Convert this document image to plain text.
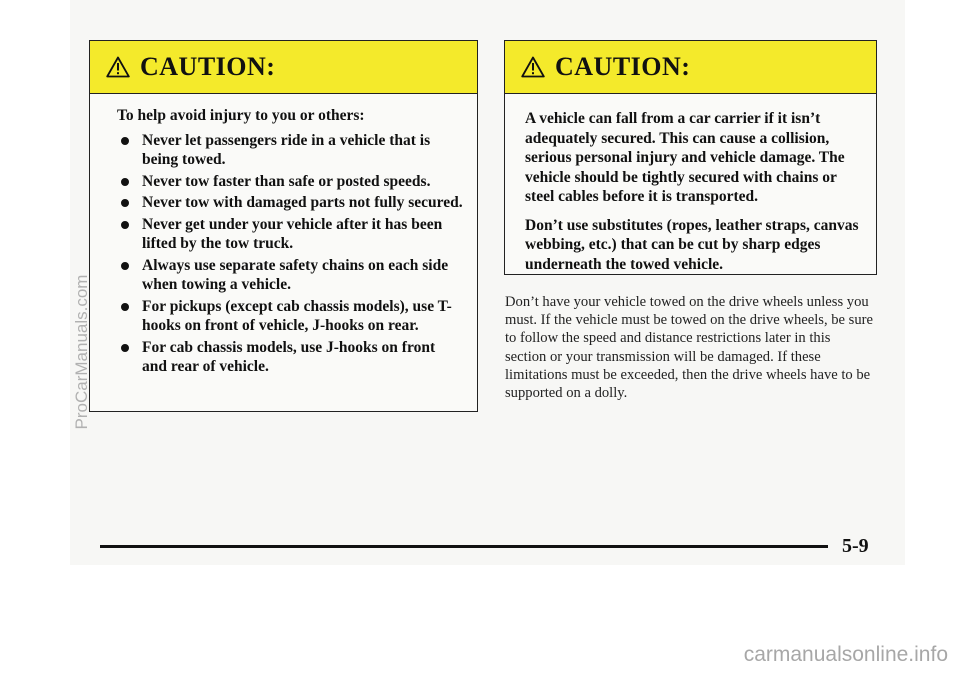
CAUTION:

To help avoid injury to you or others:

Never let passengers ride in a vehicle that is being towed.
Never tow faster than safe or posted speeds.
Never tow with damaged parts not fully secured.
Never get under your vehicle after it has been lifted by the tow truck.
Always use separate safety chains on each side when towing a vehicle.
For pickups (except cab chassis models), use T-hooks on front of vehicle, J-hooks on rear.
For cab chassis models, use J-hooks on front and rear of vehicle.
CAUTION:

A vehicle can fall from a car carrier if it isn’t adequately secured. This can cause a collision, serious personal injury and vehicle damage. The vehicle should be tightly secured with chains or steel cables before it is transported.

Don’t use substitutes (ropes, leather straps, canvas webbing, etc.) that can be cut by sharp edges underneath the towed vehicle.

Don’t have your vehicle towed on the drive wheels unless you must. If the vehicle must be towed on the drive wheels, be sure to follow the speed and distance restrictions later in this section or your transmission will be damaged. If these limitations must be exceeded, then the drive wheels have to be supported on a dolly.
5-9
ProCarManuals.com
carmanualsonline.info
